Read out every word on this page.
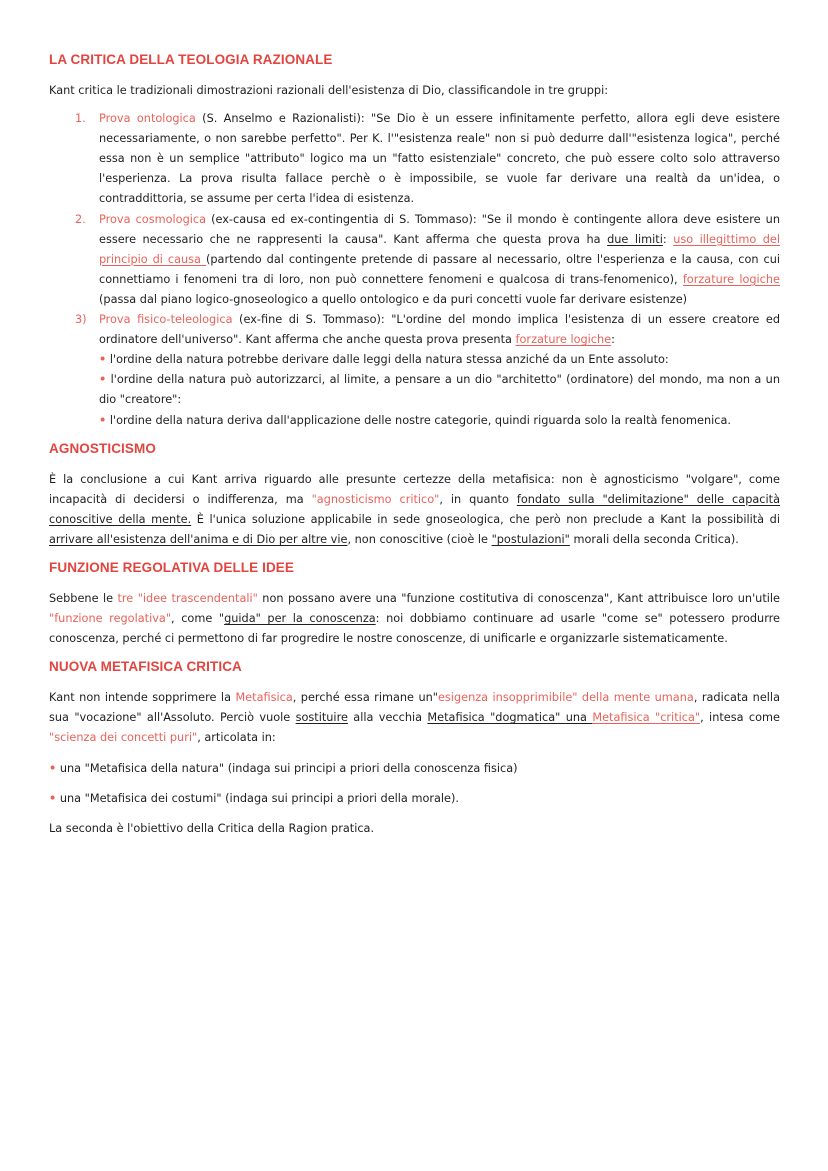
LA CRITICA DELLA TEOLOGIA RAZIONALE

Kant critica le tradizionali dimostrazioni razionali dell'esistenza di Dio, classificandole in tre gruppi:

1. Prova ontologica (S. Anselmo e Razionalisti): "Se Dio è un essere infinitamente perfetto, allora egli deve esistere necessariamente, o non sarebbe perfetto". Per K. l'"esistenza reale" non si può dedurre dall'"esistenza logica", perché essa non è un semplice "attributo" logico ma un "fatto esistenziale" concreto, che può essere colto solo attraverso l'esperienza. La prova risulta fallace perchè o è impossibile, se vuole far derivare una realtà da un'idea, o contraddittoria, se assume per certa l'idea di esistenza.
2. Prova cosmologica (ex-causa ed ex-contingentia di S. Tommaso): "Se il mondo è contingente allora deve esistere un essere necessario che ne rappresenti la causa". Kant afferma che questa prova ha due limiti: uso illegittimo del principio di causa (partendo dal contingente pretende di passare al necessario, oltre l'esperienza e la causa, con cui connettiamo i fenomeni tra di loro, non può connettere fenomeni e qualcosa di trans-fenomenico), forzature logiche (passa dal piano logico-gnoseologico a quello ontologico e da puri concetti vuole far derivare esistenze)
3) Prova fisico-teleologica (ex-fine di S. Tommaso): "L'ordine del mondo implica l'esistenza di un essere creatore ed ordinatore dell'universo". Kant afferma che anche questa prova presenta forzature logiche:
• l'ordine della natura potrebbe derivare dalle leggi della natura stessa anziché da un Ente assoluto:
• l'ordine della natura può autorizzarci, al limite, a pensare a un dio "architetto" (ordinatore) del mondo, ma non a un dio "creatore":
• l'ordine della natura deriva dall'applicazione delle nostre categorie, quindi riguarda solo la realtà fenomenica.
AGNOSTICISMO

È la conclusione a cui Kant arriva riguardo alle presunte certezze della metafisica: non è agnosticismo "volgare", come incapacità di decidersi o indifferenza, ma "agnosticismo critico", in quanto fondato sulla "delimitazione" delle capacità conoscitive della mente. È l'unica soluzione applicabile in sede gnoseologica, che però non preclude a Kant la possibilità di arrivare all'esistenza dell'anima e di Dio per altre vie, non conoscitive (cioè le "postulazioni" morali della seconda Critica).

FUNZIONE REGOLATIVA DELLE IDEE

Sebbene le tre "idee trascendentali" non possano avere una "funzione costitutiva di conoscenza", Kant attribuisce loro un'utile "funzione regolativa", come "guida" per la conoscenza: noi dobbiamo continuare ad usarle "come se" potessero produrre conoscenza, perché ci permettono di far progredire le nostre conoscenze, di unificarle e organizzarle sistematicamente.

NUOVA METAFISICA CRITICA

Kant non intende sopprimere la Metafisica, perché essa rimane un"esigenza insopprimibile" della mente umana, radicata nella sua "vocazione" all'Assoluto. Perciò vuole sostituire alla vecchia Metafisica "dogmatica" una Metafisica "critica", intesa come "scienza dei concetti puri", articolata in:

• una "Metafisica della natura" (indaga sui principi a priori della conoscenza fisica)

• una "Metafisica dei costumi" (indaga sui principi a priori della morale).

La seconda è l'obiettivo della Critica della Ragion pratica.
